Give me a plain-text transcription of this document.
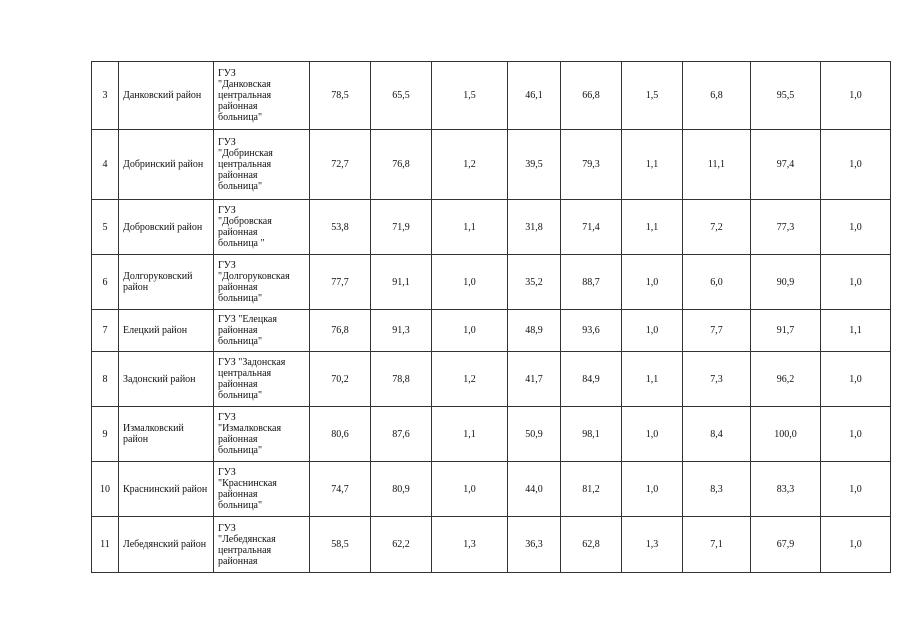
3	Данковский район	ГУЗ
"Данковская
центральная
районная
больница"	78,5	65,5	1,5	46,1	66,8	1,5	6,8	95,5	1,0
4	Добринский район	ГУЗ
"Добринская
центральная
районная
больница"	72,7	76,8	1,2	39,5	79,3	1,1	11,1	97,4	1,0
5	Добровский район	ГУЗ
"Добровская
районная
больница "	53,8	71,9	1,1	31,8	71,4	1,1	7,2	77,3	1,0
6	Долгоруковский район	ГУЗ
"Долгоруковская
районная
больница"	77,7	91,1	1,0	35,2	88,7	1,0	6,0	90,9	1,0
7	Елецкий район	ГУЗ "Елецкая
районная
больница"	76,8	91,3	1,0	48,9	93,6	1,0	7,7	91,7	1,1
8	Задонский район	ГУЗ "Задонская
центральная
районная
больница"	70,2	78,8	1,2	41,7	84,9	1,1	7,3	96,2	1,0
9	Измалковский район	ГУЗ
"Измалковская
районная
больница"	80,6	87,6	1,1	50,9	98,1	1,0	8,4	100,0	1,0
10	Краснинский район	ГУЗ
"Краснинская
районная
больница"	74,7	80,9	1,0	44,0	81,2	1,0	8,3	83,3	1,0
11	Лебедянский район	ГУЗ
"Лебедянская
центральная
районная	58,5	62,2	1,3	36,3	62,8	1,3	7,1	67,9	1,0
